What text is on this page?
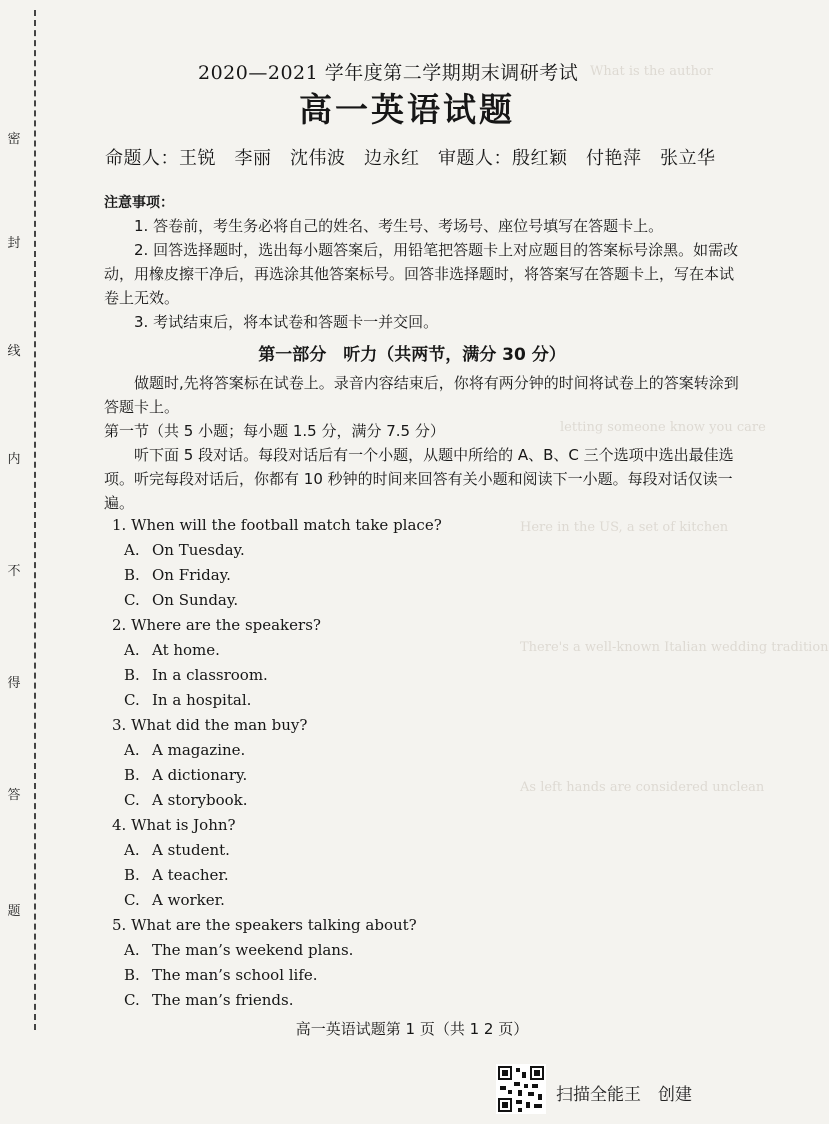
What is the author
letting someone know you care
Here in the US, a set of kitchen
There's a well-known Italian wedding tradition
As left hands are considered unclean
密
封
线
内
不
得
答
题
2020—2021 学年度第二学期期末调研考试
高一英语试题
命题人：王锐　李丽　沈伟波　边永红　审题人：殷红颖　付艳萍　张立华
注意事项：
1. 答卷前，考生务必将自己的姓名、考生号、考场号、座位号填写在答题卡上。
2. 回答选择题时，选出每小题答案后，用铅笔把答题卡上对应题目的答案标号涂黑。如需改动，用橡皮擦干净后，再选涂其他答案标号。回答非选择题时，将答案写在答题卡上，写在本试卷上无效。
3. 考试结束后，将本试卷和答题卡一并交回。
第一部分　听力（共两节，满分 30 分）
做题时,先将答案标在试卷上。录音内容结束后，你将有两分钟的时间将试卷上的答案转涂到答题卡上。
第一节（共 5 小题；每小题 1.5 分，满分 7.5 分）
听下面 5 段对话。每段对话后有一个小题，从题中所给的 A、B、C 三个选项中选出最佳选项。听完每段对话后，你都有 10 秒钟的时间来回答有关小题和阅读下一小题。每段对话仅读一遍。
1. When will the football match take place?
A. On Tuesday.
B. On Friday.
C. On Sunday.
2. Where are the speakers?
A. At home.
B. In a classroom.
C. In a hospital.
3. What did the man buy?
A. A magazine.
B. A dictionary.
C. A storybook.
4. What is John?
A. A student.
B. A teacher.
C. A worker.
5. What are the speakers talking about?
A. The man’s weekend plans.
B. The man’s school life.
C. The man’s friends.
高一英语试题第 1 页（共 1 2 页）
扫描全能王　创建
